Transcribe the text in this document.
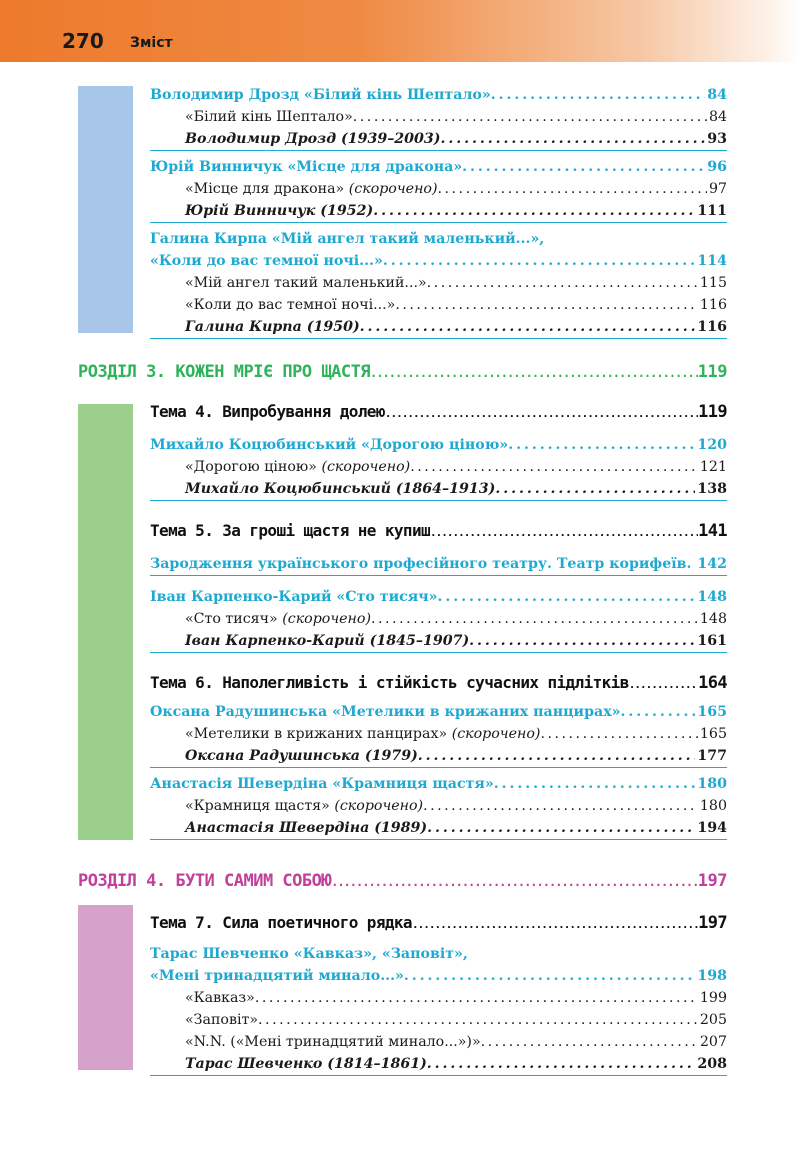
270 Зміст
Володимир Дрозд «Білий кінь Шептало» . . .	84
«Білий кінь Шептало» . . .	84
Володимир Дрозд (1939–2003) . . .	93
Юрій Винничук «Місце для дракона» . . .	96
«Місце для дракона» (скорочено) . . .	97
Юрій Винничук (1952) . . .	111
Галина Кирпа «Мій ангел такий маленький...»,
«Коли до вас темної ночі...» . . .	114
«Мій ангел такий маленький...» . . .	115
«Коли до вас темної ночі...» . . .	116
Галина Кирпа (1950) . . .	116
РОЗДІЛ 3. КОЖЕН МРІЄ ПРО ЩАСТЯ .....	119
Тема 4. Випробування долею .....	119
Михайло Коцюбинський «Дорогою ціною» . . .	120
«Дорогою ціною» (скорочено) . . .	121
Михайло Коцюбинський (1864–1913) . . .	138
Тема 5. За гроші щастя не купиш .....	141
Зародження українського професійного театру. Театр корифеїв . . . 142
Іван Карпенко-Карий «Сто тисяч» . . .	148
«Сто тисяч» (скорочено) . . .	148
Іван Карпенко-Карий (1845–1907) . . .	161
Тема 6. Наполегливість і стійкість сучасних підлітків .....	164
Оксана Радушинська «Метелики в крижаних панцирах» . . .	165
«Метелики в крижаних панцирах» (скорочено) . . .	165
Оксана Радушинська (1979) . . .	177
Анастасія Шевердіна «Крамниця щастя» . . .	180
«Крамниця щастя» (скорочено) . . .	180
Анастасія Шевердіна (1989) . . .	194
РОЗДІЛ 4. БУТИ САМИМ СОБОЮ .....	197
Тема 7. Сила поетичного рядка .....	197
Тарас Шевченко «Кавказ», «Заповіт»,
«Мені тринадцятий минало...» . . .	198
«Кавказ» . . .	199
«Заповіт» . . .	205
«N.N. («Мені тринадцятий минало...»)» . . .	207
Тарас Шевченко (1814–1861) . . .	208
